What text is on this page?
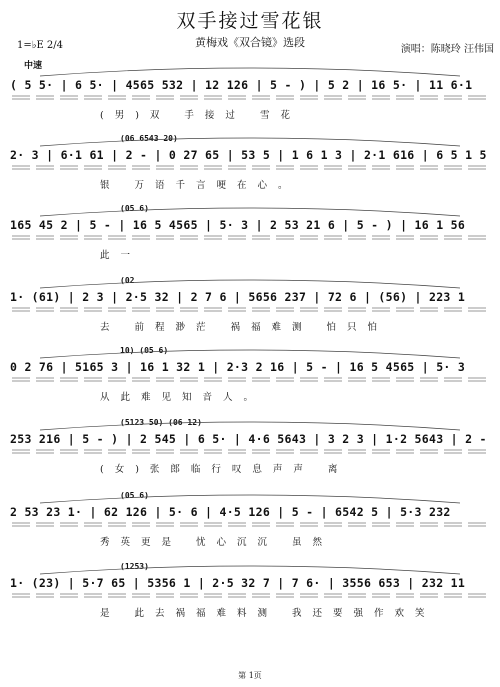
双手接过雪花银
黄梅戏《双合镜》选段
演唱：陈晓玲 汪伟国
1=♭E 2/4
中速
( 5 5· | 6 5· | 4565 532 | 12 126 | 5 - ) | 5 2 | 16 5· | 11 6·1
(男)双 手接过 雪花
(06 6543 20)
2· 3 | 6·1 61 | 2 - | 0 27 65 | 53 5 | 1 6 1 3 | 2·1 616 | 6 5 1 5
银 万语千言哽在心。
(05 6)
165 45 2 | 5 - | 16 5 4565 | 5· 3 | 2 53 21 6 | 5 - ) | 16 1 56
此一
(02
1· (61) | 2 3 | 2·5 32 | 2 7 6 | 5656 237 | 72 6 | (56) | 223 1
去 前程渺茫 祸福难测 怕只怕
10) (05 6)
0 2 76 | 5165 3 | 16 1 32 1 | 2·3 2 16 | 5 - | 16 5 4565 | 5· 3
从此难见知音人。
(5123 50) (06 12)
253 216 | 5 - ) | 2 545 | 6 5· | 4·6 5643 | 3 2 3 | 1·2 5643 | 2 -
(女)张郎临行叹息声声 离
(05 6)
2 53 23 1· | 62 126 | 5· 6 | 4·5 126 | 5 - | 6542 5 | 5·3 232
秀英更是 忧心沉沉 虽然
(1253)
1· (23) | 5·7 65 | 5356 1 | 2·5 32 7 | 7 6· | 3556 653 | 232 11
是 此去祸福难料测 我还要强作欢笑
第 1页
